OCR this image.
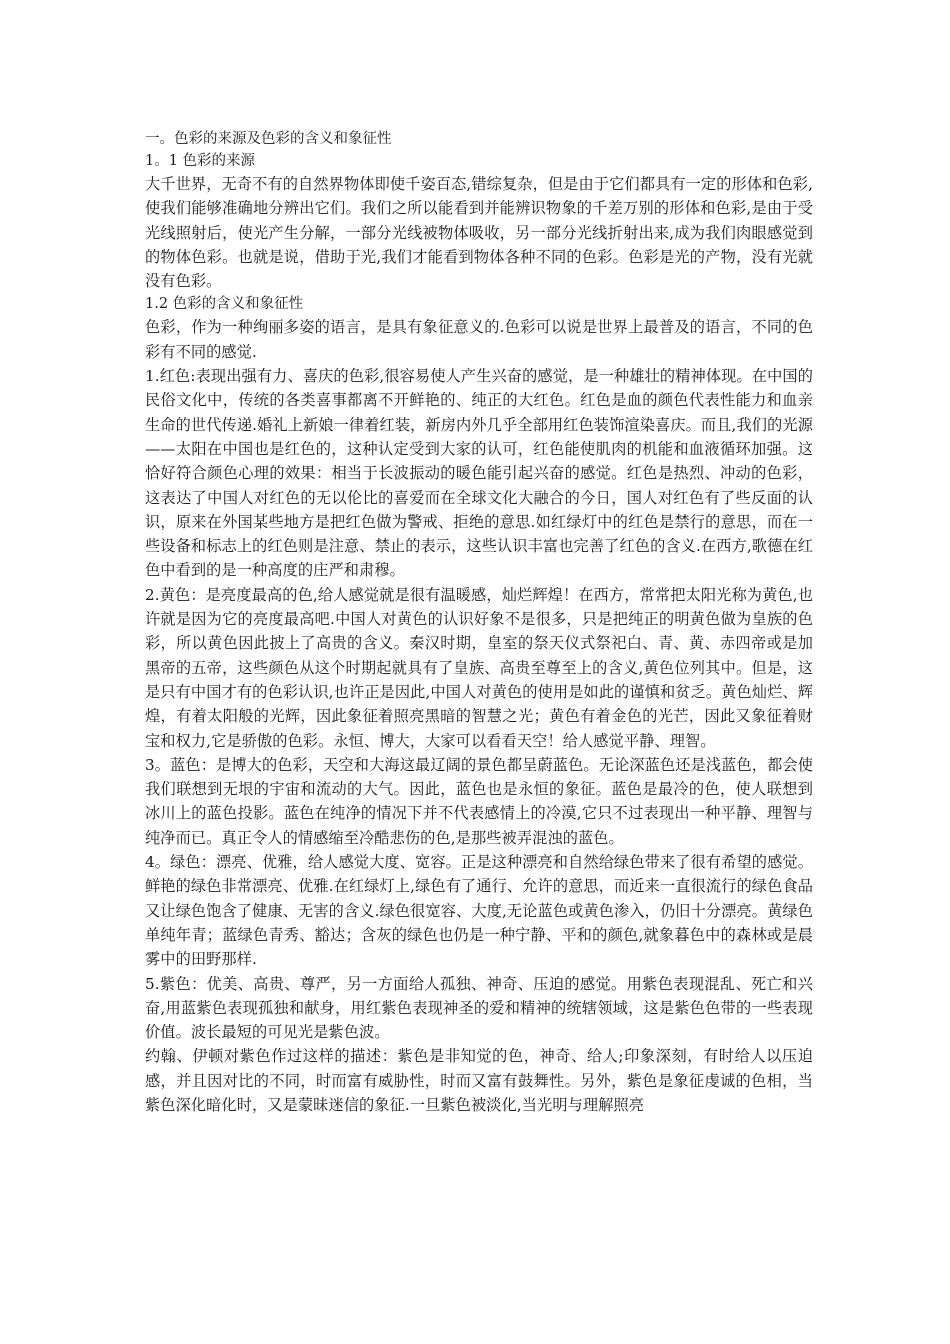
一。色彩的来源及色彩的含义和象征性

1。1 色彩的来源

大千世界，无奇不有的自然界物体即使千姿百态,错综复杂，但是由于它们都具有一定的形体和色彩,使我们能够准确地分辨出它们。我们之所以能看到并能辨识物象的千差万别的形体和色彩,是由于受光线照射后，使光产生分解，一部分光线被物体吸收，另一部分光线折射出来,成为我们肉眼感觉到的物体色彩。也就是说，借助于光,我们才能看到物体各种不同的色彩。色彩是光的产物，没有光就没有色彩。

1.2 色彩的含义和象征性

色彩，作为一种绚丽多姿的语言，是具有象征意义的.色彩可以说是世界上最普及的语言，不同的色彩有不同的感觉.

1.红色:表现出强有力、喜庆的色彩,很容易使人产生兴奋的感觉，是一种雄壮的精神体现。在中国的民俗文化中，传统的各类喜事都离不开鲜艳的、纯正的大红色。红色是血的颜色代表性能力和血亲生命的世代传递.婚礼上新娘一律着红装，新房内外几乎全部用红色装饰渲染喜庆。而且,我们的光源——太阳在中国也是红色的，这种认定受到大家的认可，红色能使肌肉的机能和血液循环加强。这恰好符合颜色心理的效果：相当于长波振动的暖色能引起兴奋的感觉。红色是热烈、冲动的色彩，这表达了中国人对红色的无以伦比的喜爱而在全球文化大融合的今日，国人对红色有了些反面的认识，原来在外国某些地方是把红色做为警戒、拒绝的意思.如红绿灯中的红色是禁行的意思，而在一些设备和标志上的红色则是注意、禁止的表示，这些认识丰富也完善了红色的含义.在西方,歌德在红色中看到的是一种高度的庄严和肃穆。

2.黄色：是亮度最高的色,给人感觉就是很有温暖感，灿烂辉煌！在西方，常常把太阳光称为黄色,也许就是因为它的亮度最高吧.中国人对黄色的认识好象不是很多，只是把纯正的明黄色做为皇族的色彩，所以黄色因此披上了高贵的含义。秦汉时期，皇室的祭天仪式祭祀白、青、黄、赤四帝或是加黑帝的五帝，这些颜色从这个时期起就具有了皇族、高贵至尊至上的含义,黄色位列其中。但是，这是只有中国才有的色彩认识,也许正是因此,中国人对黄色的使用是如此的谨慎和贫乏。黄色灿烂、辉煌，有着太阳般的光辉，因此象征着照亮黑暗的智慧之光；黄色有着金色的光芒，因此又象征着财宝和权力,它是骄傲的色彩。永恒、博大，大家可以看看天空！给人感觉平静、理智。

3。蓝色：是博大的色彩，天空和大海这最辽阔的景色都呈蔚蓝色。无论深蓝色还是浅蓝色，都会使我们联想到无垠的宇宙和流动的大气。因此，蓝色也是永恒的象征。蓝色是最冷的色，使人联想到冰川上的蓝色投影。蓝色在纯净的情况下并不代表感情上的冷漠,它只不过表现出一种平静、理智与纯净而已。真正令人的情感缩至冷酷悲伤的色,是那些被弄混浊的蓝色。

4。绿色：漂亮、优雅，给人感觉大度、宽容。正是这种漂亮和自然给绿色带来了很有希望的感觉。鲜艳的绿色非常漂亮、优雅.在红绿灯上,绿色有了通行、允许的意思，而近来一直很流行的绿色食品又让绿色饱含了健康、无害的含义.绿色很宽容、大度,无论蓝色或黄色渗入，仍旧十分漂亮。黄绿色单纯年青；蓝绿色青秀、豁达；含灰的绿色也仍是一种宁静、平和的颜色,就象暮色中的森林或是晨雾中的田野那样.

5.紫色：优美、高贵、尊严，另一方面给人孤独、神奇、压迫的感觉。用紫色表现混乱、死亡和兴奋,用蓝紫色表现孤独和献身，用红紫色表现神圣的爱和精神的统辖领域，这是紫色色带的一些表现价值。波长最短的可见光是紫色波。

约翰、伊顿对紫色作过这样的描述：紫色是非知觉的色，神奇、给人;印象深刻，有时给人以压迫感，并且因对比的不同，时而富有威胁性，时而又富有鼓舞性。另外，紫色是象征虔诚的色相，当紫色深化暗化时，又是蒙昧迷信的象征.一旦紫色被淡化,当光明与理解照亮
